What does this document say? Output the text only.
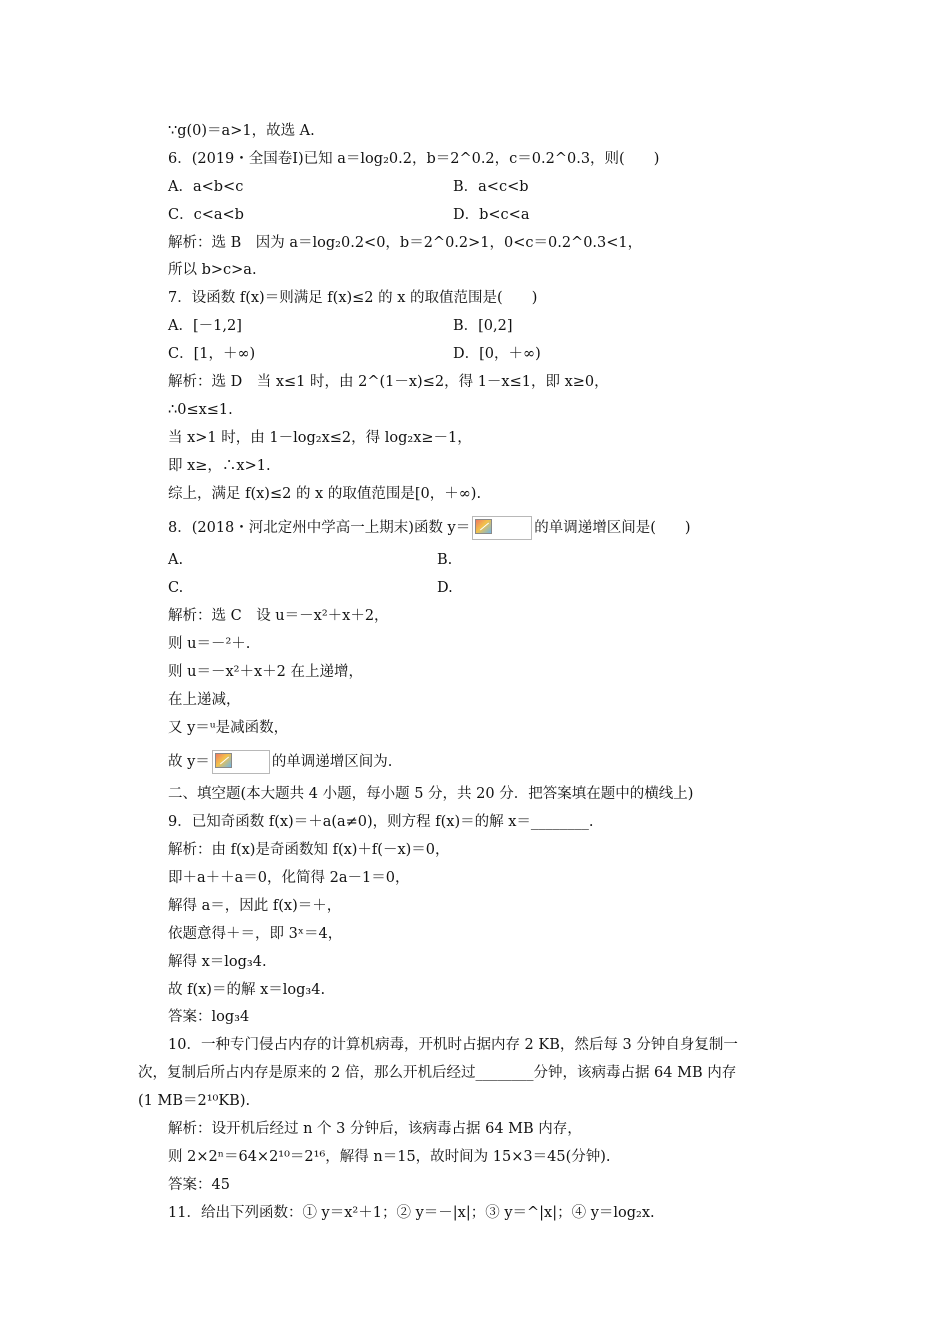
∵g(0)＝a>1，故选 A.
6．(2019・全国卷Ⅰ)已知 a＝log₂0.2，b＝2^0.2，c＝0.2^0.3，则(　　)
A．a<b<c	B．a<c<b
C．c<a<b	D．b<c<a
解析：选 B　因为 a＝log₂0.2<0，b＝2^0.2>1，0<c＝0.2^0.3<1，
所以 b>c>a.
7．设函数 f(x)＝则满足 f(x)≤2 的 x 的取值范围是(　　)
A．[－1,2]	B．[0,2]
C．[1，＋∞)	D．[0，＋∞)
解析：选 D　当 x≤1 时，由 2^(1－x)≤2，得 1－x≤1，即 x≥0，
∴0≤x≤1.
当 x>1 时，由 1－log₂x≤2，得 log₂x≥－1，
即 x≥，∴x>1.
综上，满足 f(x)≤2 的 x 的取值范围是[0，＋∞).
8．(2018・河北定州中学高一上期末)函数 y＝	的单调递增区间是(　　)
A.	B.
C.	D.
解析：选 C　设 u＝－x²＋x＋2，
则 u＝－²＋.
则 u＝－x²＋x＋2 在上递增，
在上递减，
又 y＝ᵘ是减函数，
故 y＝	的单调递增区间为.
二、填空题(本大题共 4 小题，每小题 5 分，共 20 分．把答案填在题中的横线上)
9．已知奇函数 f(x)＝＋a(a≠0)，则方程 f(x)＝的解 x＝________.
解析：由 f(x)是奇函数知 f(x)＋f(－x)＝0，
即＋a＋＋a＝0，化简得 2a－1＝0，
解得 a＝，因此 f(x)＝＋，
依题意得＋＝，即 3ˣ＝4，
解得 x＝log₃4.
故 f(x)＝的解 x＝log₃4.
答案：log₃4
10．一种专门侵占内存的计算机病毒，开机时占据内存 2 KB，然后每 3 分钟自身复制一
次，复制后所占内存是原来的 2 倍，那么开机后经过________分钟，该病毒占据 64 MB 内存
(1 MB＝2¹⁰KB).
解析：设开机后经过 n 个 3 分钟后，该病毒占据 64 MB 内存，
则 2×2ⁿ＝64×2¹⁰＝2¹⁶，解得 n＝15，故时间为 15×3＝45(分钟).
答案：45
11．给出下列函数：① y＝x²＋1；② y＝－|x|；③ y＝^|x|；④ y＝log₂x.
